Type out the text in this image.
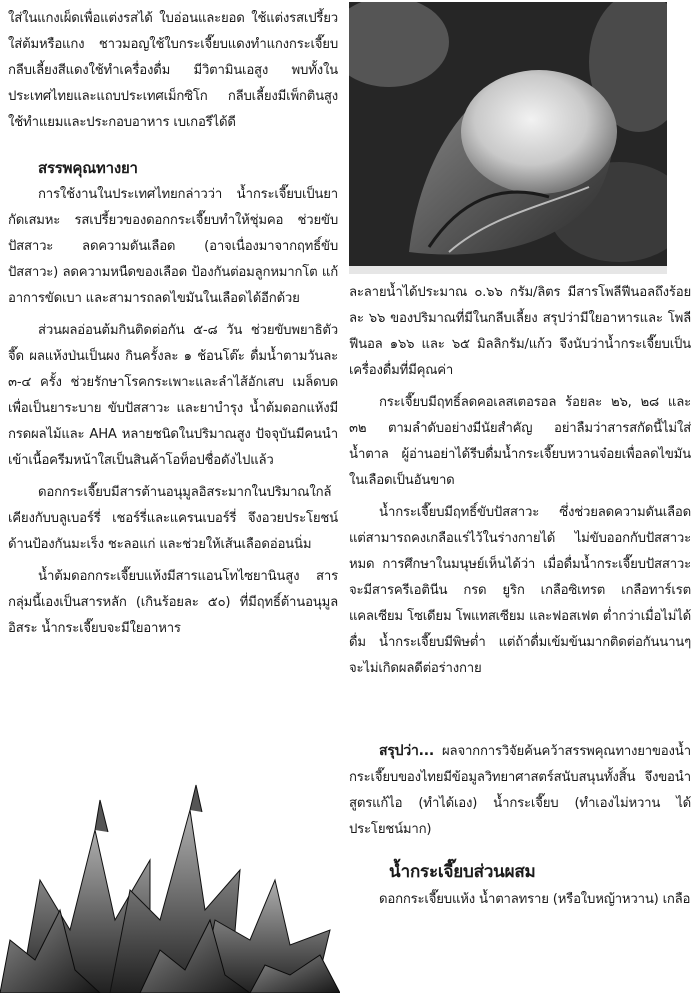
ใส่ในแกงเผ็ดเพื่อแต่งรสได้ ใบอ่อนและยอด ใช้แต่งรสเปรี้ยว ใส่ต้มหรือแกง ชาวมอญใช้ใบกระเจี๊ยบแดงทำแกงกระเจี๊ยบ กลีบเลี้ยงสีแดงใช้ทำเครื่องดื่ม มีวิตามินเอสูง พบทั้งในประเทศไทยและแถบประเทศเม็กซิโก กลีบเลี้ยงมีเพ็กตินสูง ใช้ทำแยมและประกอบอาหาร เบเกอรีได้ดี

สรรพคุณทางยา

การใช้งานในประเทศไทยกล่าวว่า น้ำกระเจี๊ยบเป็นยากัดเสมหะ รสเปรี้ยวของดอกกระเจี๊ยบทำให้ชุ่มคอ ช่วยขับปัสสาวะ ลดความดันเลือด (อาจเนื่องมาจากฤทธิ์ขับปัสสาวะ) ลดความหนืดของเลือด ป้องกันต่อมลูกหมากโต แก้อาการขัดเบา และสามารถลดไขมันในเลือดได้อีกด้วย

ส่วนผลอ่อนต้มกินติดต่อกัน ๕-๘ วัน ช่วยขับพยาธิตัวจี๊ด ผลแห้งป่นเป็นผง กินครั้งละ ๑ ช้อนโต๊ะ ดื่มน้ำตามวันละ ๓-๔ ครั้ง ช่วยรักษาโรคกระเพาะและลำไส้อักเสบ เมล็ดบดเพื่อเป็นยาระบาย ขับปัสสาวะ และยาบำรุง น้ำต้มดอกแห้งมีกรดผลไม้และ AHA หลายชนิดในปริมาณสูง ปัจจุบันมีคนนำเข้าเนื้อครีมหน้าใสเป็นสินค้าโอท็อปชื่อดังไปแล้ว

ดอกกระเจี๊ยบมีสารต้านอนุมูลอิสระมากในปริมาณใกล้เคียงกับบลูเบอร์รี่ เชอร์รี่และแครนเบอร์รี่ จึงอวยประโยชน์ด้านป้องกันมะเร็ง ชะลอแก่ และช่วยให้เส้นเลือดอ่อนนิ่ม

น้ำต้มดอกกระเจี๊ยบแห้งมีสารแอนโทไซยานินสูง สารกลุ่มนี้เองเป็นสารหลัก (เกินร้อยละ ๕๐) ที่มีฤทธิ์ต้านอนุมูลอิสระ น้ำกระเจี๊ยบจะมีใยอาหาร

ละลายน้ำได้ประมาณ ๐.๖๖ กรัม/ลิตร มีสารโพลีฟีนอลถึงร้อยละ ๖๖ ของปริมาณที่มีในกลีบเลี้ยง สรุปว่ามีใยอาหารและ โพลีฟีนอล ๑๖๖ และ ๖๕ มิลลิกรัม/แก้ว จึงนับว่าน้ำกระเจี๊ยบเป็นเครื่องดื่มที่มีคุณค่า

กระเจี๊ยบมีฤทธิ์ลดคอเลสเตอรอล ร้อยละ ๒๖, ๒๘ และ ๓๒ ตามลำดับอย่างมีนัยสำคัญ อย่าลืมว่าสารสกัดนี้ไม่ใส่น้ำตาล ผู้อ่านอย่าได้รีบดื่มน้ำกระเจี๊ยบหวานจ๋อยเพื่อลดไขมันในเลือดเป็นอันขาด

น้ำกระเจี๊ยบมีฤทธิ์ขับปัสสาวะ ซึ่งช่วยลดความดันเลือด แต่สามารถคงเกลือแร่ไว้ในร่างกายได้ ไม่ขับออกกับปัสสาวะหมด การศึกษาในมนุษย์เห็นได้ว่า เมื่อดื่มน้ำกระเจี๊ยบปัสสาวะจะมีสารครีเอตินีน กรด ยูริก เกลือซิเทรต เกลือทาร์เรต แคลเซียม โซเดียม โพแทสเซียม และฟอสเฟต ต่ำกว่าเมื่อไม่ได้ดื่ม น้ำกระเจี๊ยบมีพิษต่ำ แต่ถ้าดื่มเข้มข้นมากติดต่อกันนานๆ จะไม่เกิดผลดีต่อร่างกาย

สรุปว่า... ผลจากการวิจัยค้นคว้าสรรพคุณทางยาของน้ำกระเจี๊ยบของไทยมีข้อมูลวิทยาศาสตร์สนับสนุนทั้งสิ้น จึงขอนำสูตรแก้ไอ (ทำได้เอง) น้ำกระเจี๊ยบ (ทำเองไม่หวาน ได้ประโยชน์มาก)

น้ำกระเจี๊ยบส่วนผสม

ดอกกระเจี๊ยบแห้ง น้ำตาลทราย (หรือใบหญ้าหวาน) เกลือ
